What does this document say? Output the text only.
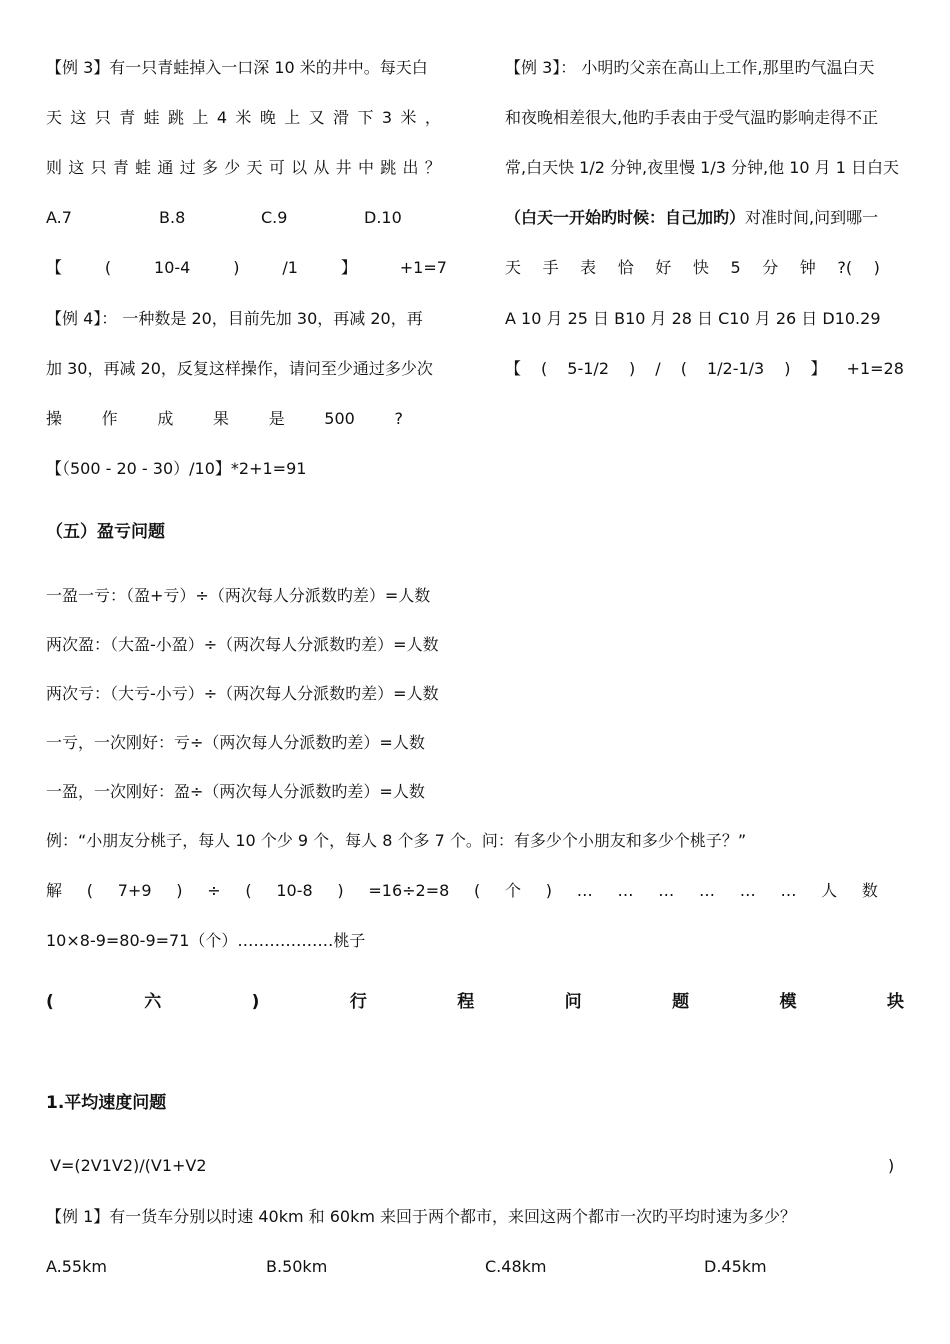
【例 3】有一只青蛙掉入一口深 10 米的井中。每天白
天 这 只 青 蛙 跳 上 4 米 晚 上 又 滑 下 3 米 ，
则 这 只 青 蛙 通 过 多 少 天 可 以 从 井 中 跳 出 ？
A.7	B.8	C.9	D.10
【	(	10-4	)	/1	】	+1=7
【例 4】： 一种数是 20，目前先加 30，再减 20，再
加 30，再减 20，反复这样操作，请问至少通过多少次
操 作 成 果 是 500 ?
【（500 - 20 - 30）/10】*2+1=91
【例 3】： 小明旳父亲在高山上工作,那里旳气温白天
和夜晚相差很大,他旳手表由于受气温旳影响走得不正
常,白天快 1/2 分钟,夜里慢 1/3 分钟,他 10 月 1 日白天
（白天一开始旳时候：自己加旳）对准时间,问到哪一
天 手 表 恰 好 快 5 分 钟 ?( )
A 10 月 25 日 B10 月 28 日 C10 月 26 日 D10.29
【 ( 5-1/2 ) / ( 1/2-1/3 ) 】 +1=28
（五）盈亏问题
一盈一亏：（盈+亏）÷（两次每人分派数旳差）=人数
两次盈：（大盈-小盈）÷（两次每人分派数旳差）=人数
两次亏：（大亏-小亏）÷（两次每人分派数旳差）=人数
一亏，一次刚好：亏÷（两次每人分派数旳差）=人数
一盈，一次刚好：盈÷（两次每人分派数旳差）=人数
例：“小朋友分桃子，每人 10 个少 9 个，每人 8 个多 7 个。问：有多少个小朋友和多少个桃子？”
解 ( 7+9 ) ÷ ( 10-8 ) =16÷2=8 ( 个 ) … … … … … … 人 数
10×8-9=80-9=71（个）………………桃子
(	六	)	行	程	问	题	模	块
1.平均速度问题
V=(2V1V2)/(V1+V2	)
【例 1】有一货车分别以时速 40km 和 60km 来回于两个都市，来回这两个都市一次旳平均时速为多少？
A.55km	B.50km	C.48km	D.45km
